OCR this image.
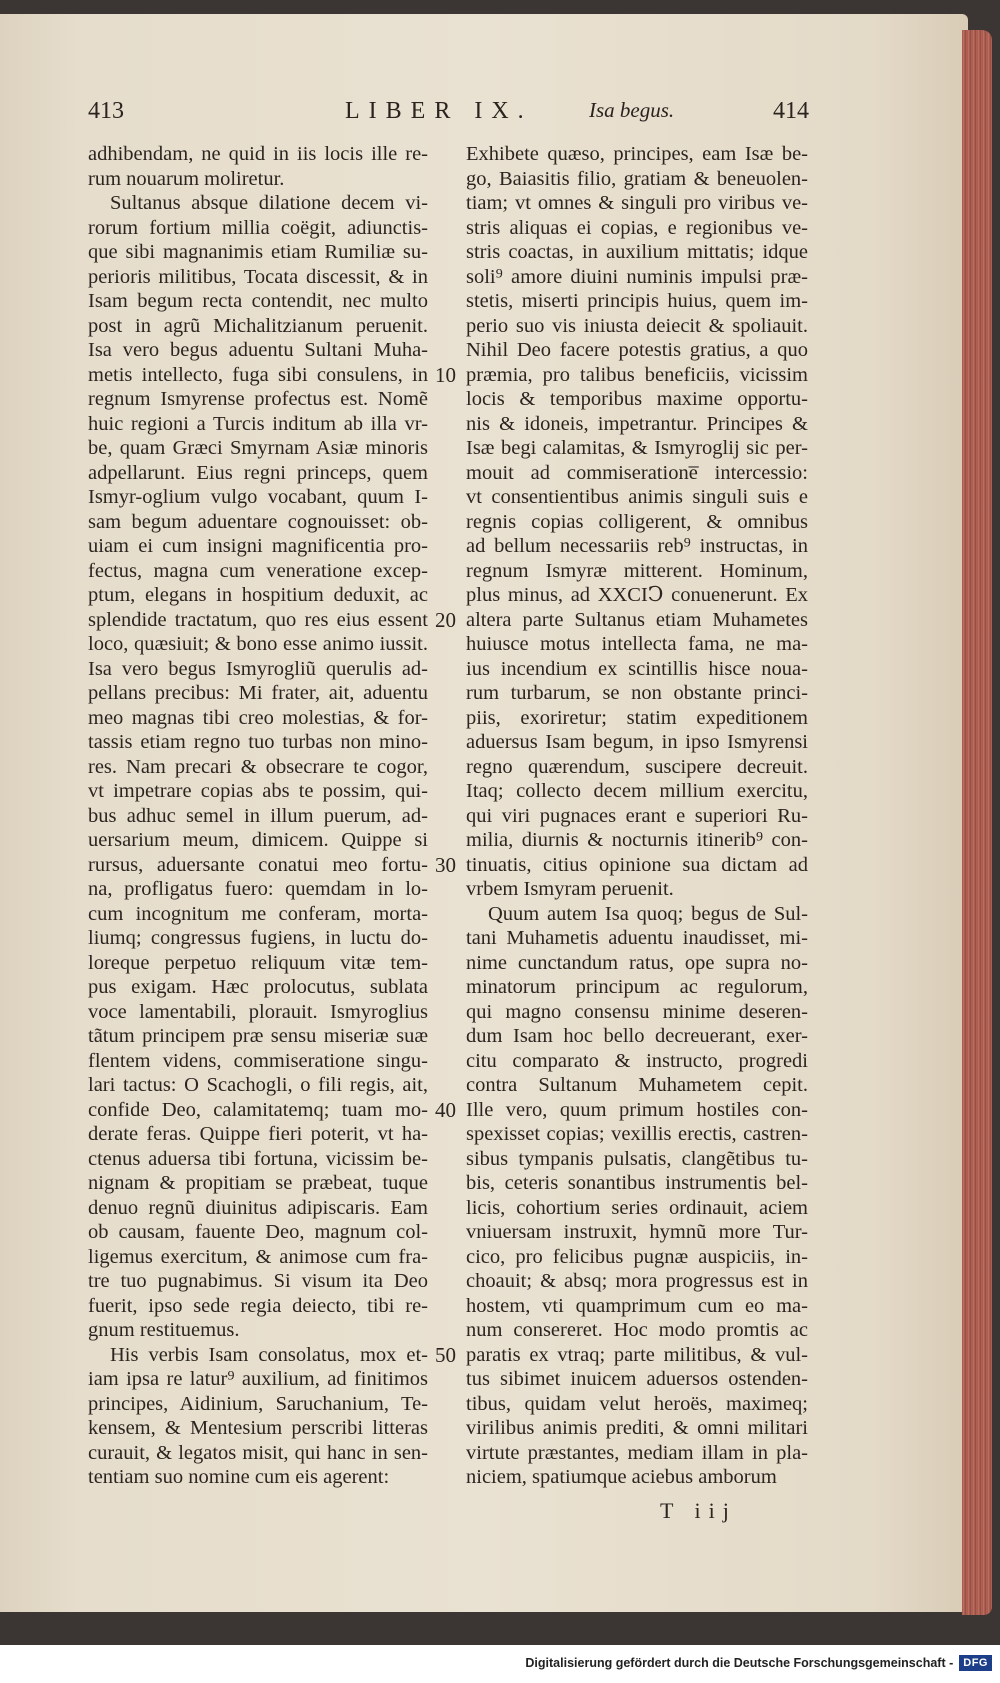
413	LIBER IX.	Isa begus.	414
adhibendam, ne quid in iis locis ille re-
rum nouarum moliretur.
Sultanus absque dilatione decem vi-
rorum fortium millia coëgit, adiunctis-
que sibi magnanimis etiam Rumiliæ su-
perioris militibus, Tocata discessit, & in
Isam begum recta contendit, nec multo
post in agrũ Michalitzianum peruenit.
Isa vero begus aduentu Sultani Muha-
metis intellecto, fuga sibi consulens, in
regnum Ismyrense profectus est. Nomẽ
huic regioni a Turcis inditum ab illa vr-
be, quam Græci Smyrnam Asiæ minoris
adpellarunt. Eius regni princeps, quem
Ismyr-oglium vulgo vocabant, quum I-
sam begum aduentare cognouisset: ob-
uiam ei cum insigni magnificentia pro-
fectus, magna cum veneratione excep-
ptum, elegans in hospitium deduxit, ac
splendide tractatum, quo res eius essent
loco, quæsiuit; & bono esse animo iussit.
Isa vero begus Ismyrogliũ querulis ad-
pellans precibus: Mi frater, ait, aduentu
meo magnas tibi creo molestias, & for-
tassis etiam regno tuo turbas non mino-
res. Nam precari & obsecrare te cogor,
vt impetrare copias abs te possim, qui-
bus adhuc semel in illum puerum, ad-
uersarium meum, dimicem. Quippe si
rursus, aduersante conatui meo fortu-
na, profligatus fuero: quemdam in lo-
cum incognitum me conferam, morta-
liumq; congressus fugiens, in luctu do-
loreque perpetuo reliquum vitæ tem-
pus exigam. Hæc prolocutus, sublata
voce lamentabili, plorauit. Ismyroglius
tãtum principem præ sensu miseriæ suæ
flentem videns, commiseratione singu-
lari tactus: O Scachogli, o fili regis, ait,
confide Deo, calamitatemq; tuam mo-
derate feras. Quippe fieri poterit, vt ha-
ctenus aduersa tibi fortuna, vicissim be-
nignam & propitiam se præbeat, tuque
denuo regnũ diuinitus adipiscaris. Eam
ob causam, fauente Deo, magnum col-
ligemus exercitum, & animose cum fra-
tre tuo pugnabimus. Si visum ita Deo
fuerit, ipso sede regia deiecto, tibi re-
gnum restituemus.
His verbis Isam consolatus, mox et-
iam ipsa re latur⁹ auxilium, ad finitimos
principes, Aidinium, Saruchanium, Te-
kensem, & Mentesium perscribi litteras
curauit, & legatos misit, qui hanc in sen-
tentiam suo nomine cum eis agerent:
Exhibete quæso, principes, eam Isæ be-
go, Baiasitis filio, gratiam & beneuolen-
tiam; vt omnes & singuli pro viribus ve-
stris aliquas ei copias, e regionibus ve-
stris coactas, in auxilium mittatis; idque
soli⁹ amore diuini numinis impulsi præ-
stetis, miserti principis huius, quem im-
perio suo vis iniusta deiecit & spoliauit.
Nihil Deo facere potestis gratius, a quo
præmia, pro talibus beneficiis, vicissim
locis & temporibus maxime opportu-
nis & idoneis, impetrantur. Principes &
Isæ begi calamitas, & Ismyroglij sic per-
mouit ad commiseratione̅ intercessio:
vt consentientibus animis singuli suis e
regnis copias colligerent, & omnibus
ad bellum necessariis reb⁹ instructas, in
regnum Ismyræ mitterent. Hominum,
plus minus, ad XXCIↃ conuenerunt. Ex
altera parte Sultanus etiam Muhametes
huiusce motus intellecta fama, ne ma-
ius incendium ex scintillis hisce noua-
rum turbarum, se non obstante princi-
piis, exoriretur; statim expeditionem
aduersus Isam begum, in ipso Ismyrensi
regno quærendum, suscipere decreuit.
Itaq; collecto decem millium exercitu,
qui viri pugnaces erant e superiori Ru-
milia, diurnis & nocturnis itinerib⁹ con-
tinuatis, citius opinione sua dictam ad
vrbem Ismyram peruenit.
Quum autem Isa quoq; begus de Sul-
tani Muhametis aduentu inaudisset, mi-
nime cunctandum ratus, ope supra no-
minatorum principum ac regulorum,
qui magno consensu minime deseren-
dum Isam hoc bello decreuerant, exer-
citu comparato & instructo, progredi
contra Sultanum Muhametem cepit.
Ille vero, quum primum hostiles con-
spexisset copias; vexillis erectis, castren-
sibus tympanis pulsatis, clangẽtibus tu-
bis, ceteris sonantibus instrumentis bel-
licis, cohortium series ordinauit, aciem
vniuersam instruxit, hymnũ more Tur-
cico, pro felicibus pugnæ auspiciis, in-
choauit; & absq; mora progressus est in
hostem, vti quamprimum cum eo ma-
num consereret. Hoc modo promtis ac
paratis ex vtraq; parte militibus, & vul-
tus sibimet inuicem aduersos ostenden-
tibus, quidam velut heroës, maximeq;
virilibus animis prediti, & omni militari
virtute præstantes, mediam illam in pla-
niciem, spatiumque aciebus amborum
10
20
30
40
50
T iij
Digitalisierung gefördert durch die Deutsche Forschungsgemeinschaft - DFG
